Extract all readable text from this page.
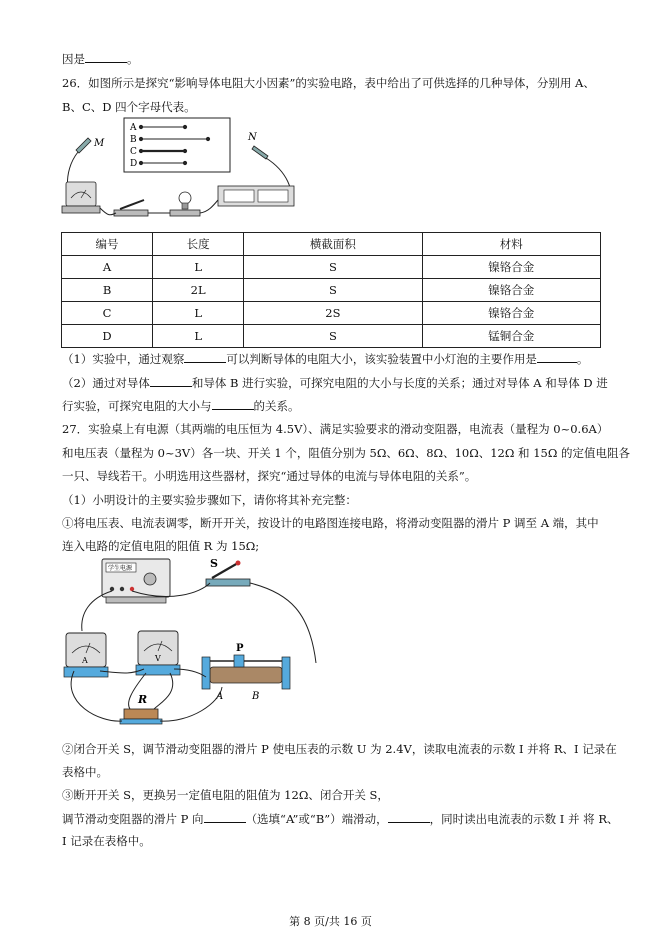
因是	。
26．如图所示是探究“影响导体电阻大小因素”的实验电路，表中给出了可供选择的几种导体，分别用 A、
B、C、D 四个字母代表。
A
B
C
D
M
N
编号	长度	横截面积	材料
A	L	S	镍铬合金
B	2L	S	镍铬合金
C	L	2S	镍铬合金
D	L	S	锰铜合金
（1）实验中，通过观察	可以判断导体的电阻大小，该实验装置中小灯泡的主要作用是	。
（2）通过对导体	和导体 B 进行实验，可探究电阻的大小与长度的关系；通过对导体 A 和导体 D 进
行实验，可探究电阻的大小与	的关系。
27．实验桌上有电源（其两端的电压恒为 4.5V）、满足实验要求的滑动变阻器，电流表（量程为 0~0.6A）
和电压表（量程为 0~3V）各一块、开关 1 个，阻值分别为 5Ω、6Ω、8Ω、10Ω、12Ω 和 15Ω 的定值电阻各
一只、导线若干。小明选用这些器材，探究“通过导体的电流与导体电阻的关系”。
（1）小明设计的主要实验步骤如下，请你将其补充完整：
①将电压表、电流表调零，断开开关，按设计的电路图连接电路，将滑动变阻器的滑片 P 调至 A 端，其中
连入电路的定值电阻的阻值 R 为 15Ω;
学生电源	S
A	V
P
A	B
R
②闭合开关 S，调节滑动变阻器的滑片 P 使电压表的示数 U 为 2.4V，读取电流表的示数 I 并将 R、I 记录在
表格中。
③断开开关 S，更换另一定值电阻的阻值为 12Ω、闭合开关 S，
调节滑动变阻器的滑片 P 向	（选填“A”或“B”）端滑动，	，同时读出电流表的示数 I 并 将 R、
I 记录在表格中。
第 8 页/共 16 页
